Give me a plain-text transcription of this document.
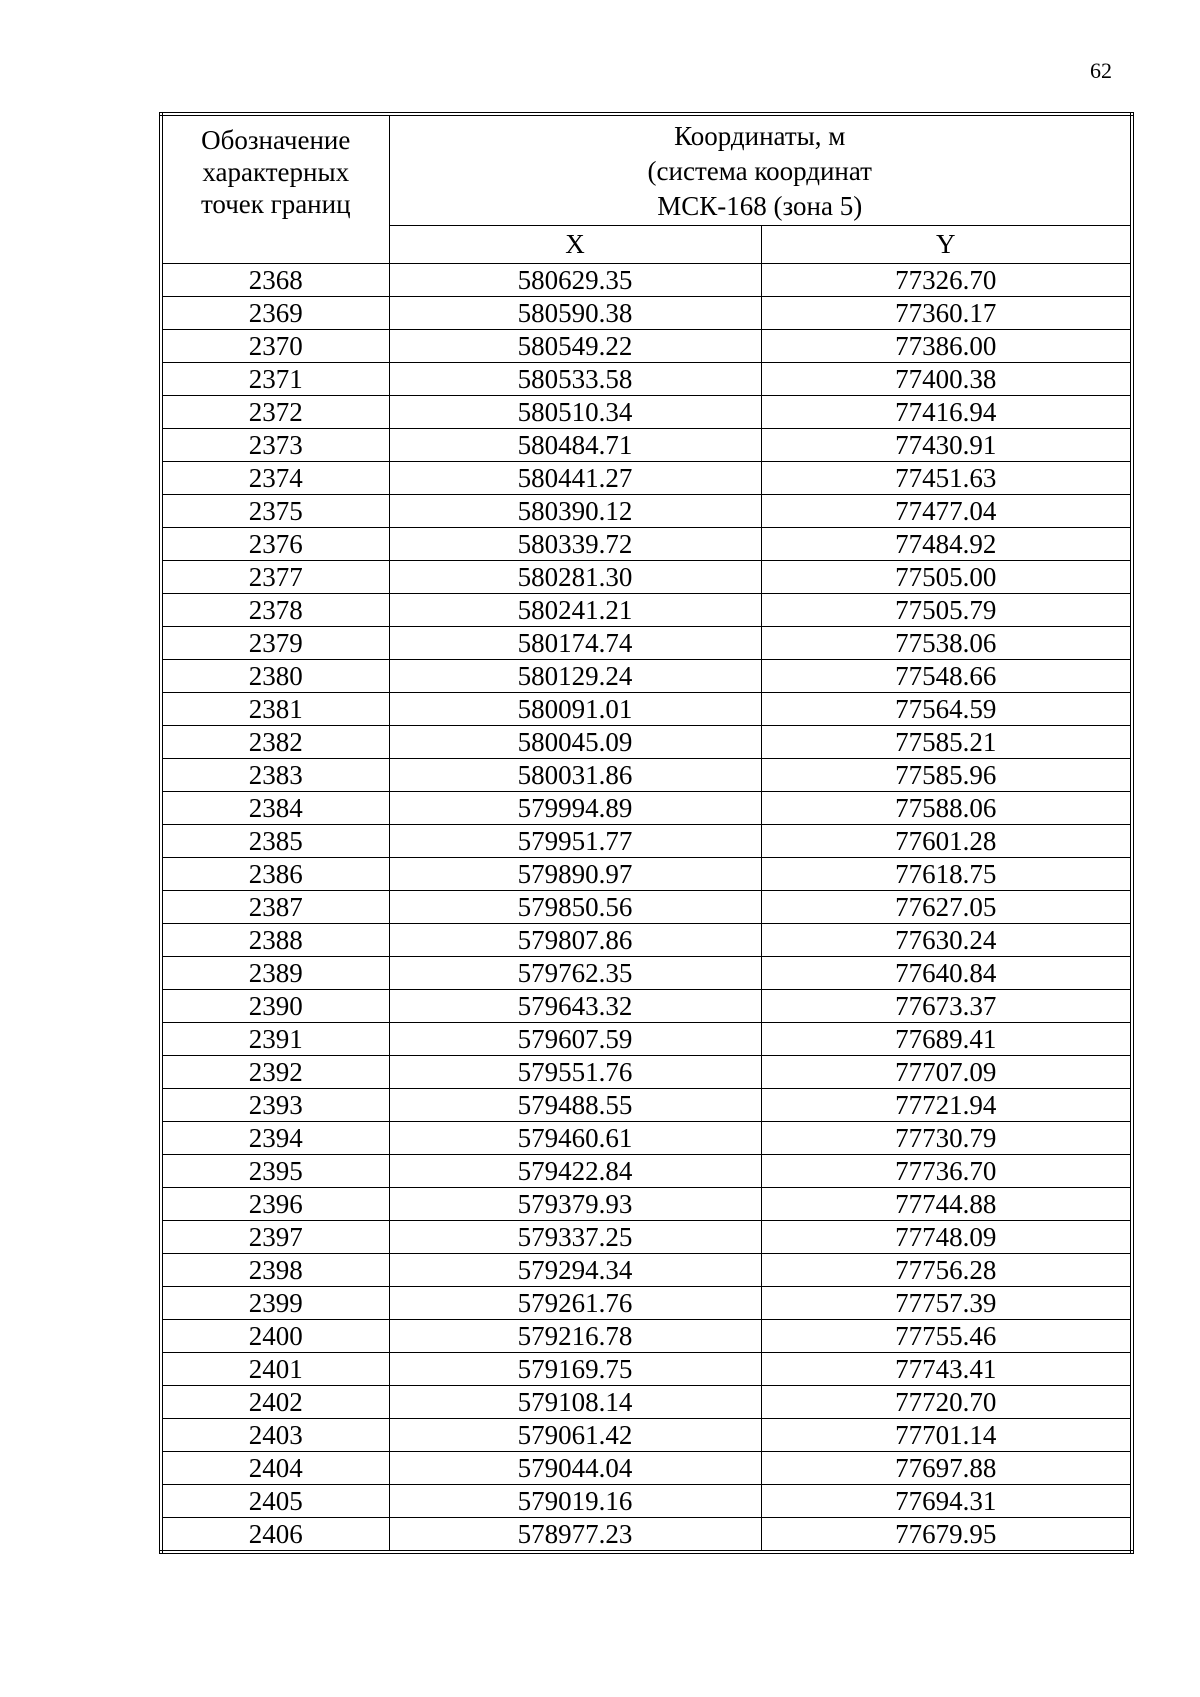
62
Обозначение
характерных
точек границ	Координаты, м
(система координат
МСК-168 (зона 5)	

	X	Y
2368	580629.35	77326.70
2369	580590.38	77360.17
2370	580549.22	77386.00
2371	580533.58	77400.38
2372	580510.34	77416.94
2373	580484.71	77430.91
2374	580441.27	77451.63
2375	580390.12	77477.04
2376	580339.72	77484.92
2377	580281.30	77505.00
2378	580241.21	77505.79
2379	580174.74	77538.06
2380	580129.24	77548.66
2381	580091.01	77564.59
2382	580045.09	77585.21
2383	580031.86	77585.96
2384	579994.89	77588.06
2385	579951.77	77601.28
2386	579890.97	77618.75
2387	579850.56	77627.05
2388	579807.86	77630.24
2389	579762.35	77640.84
2390	579643.32	77673.37
2391	579607.59	77689.41
2392	579551.76	77707.09
2393	579488.55	77721.94
2394	579460.61	77730.79
2395	579422.84	77736.70
2396	579379.93	77744.88
2397	579337.25	77748.09
2398	579294.34	77756.28
2399	579261.76	77757.39
2400	579216.78	77755.46
2401	579169.75	77743.41
2402	579108.14	77720.70
2403	579061.42	77701.14
2404	579044.04	77697.88
2405	579019.16	77694.31
2406	578977.23	77679.95
